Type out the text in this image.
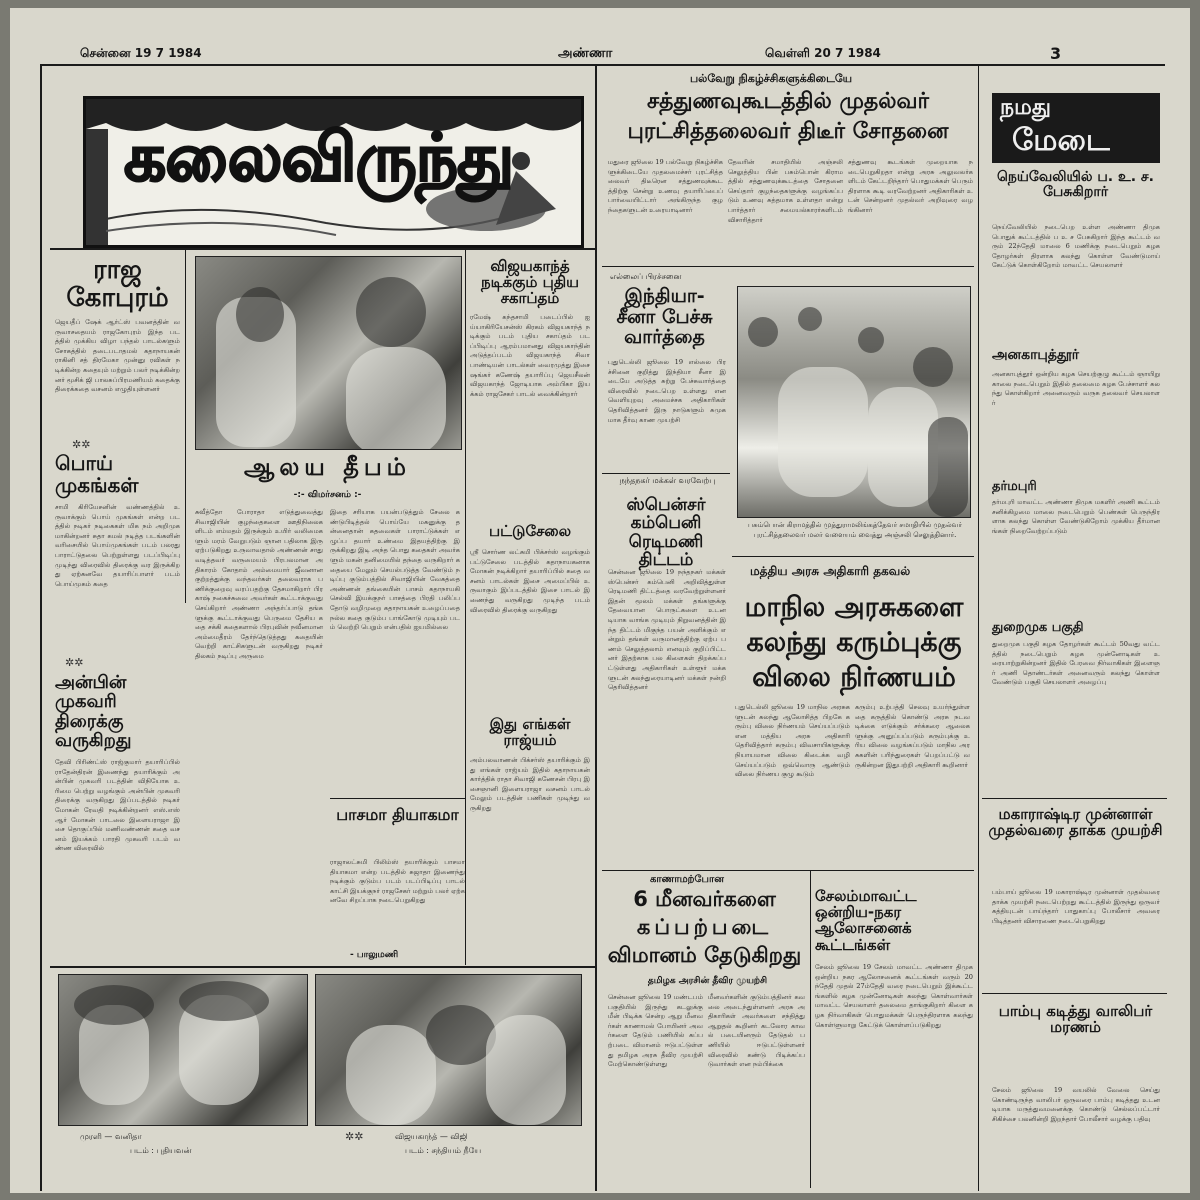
சென்னை 19 7 1984	அண்ணா	வெள்ளி 20 7 1984	3
கலைவிருந்து
ராஜ கோபுரம்
ஜெயதீப் ஷேக் ஆர்ட்ஸ் பவனத்தின் வருவாசதையம் ராஜகோபுரம் இந்த படத்தில் முக்கிய விழா பந்தல் பாடல்களும் சோகத்தில் தடைபடாதமல் கதாநாயகன் ராகினி சத் திரமேகா முன்னு ரவிகள் நடிக்கின்ற கதையும் மற்றும் பலர் நடிக்கின்றனர் மூசிக் ஜி பாலசுப்பிரமணியம் கதைக்கு திரைக்கதை வசனம் எழுதியுள்ளனர்
✲✲
பொய் முகங்கள்
சாமி கிரியேசனின் வண்ணத்தில் உருவாக்கும் பொய் முகங்கள் என்ற படத்தில் நடிகர் நடிகைகள் மிக நம் அறிமுகமாகின்றனர் சுதா கமல் நடித்த படங்களின் வரிசையில் பொய்முகங்கள் படம் பலரது பாராட்டுதலை பெற்றுள்ளது படப்பிடிப்பு முடிந்து விரைவில் திரைக்கு வர இருக்கிறது ஏற்கனவே தயாரிப்பாளர் படம் பொய்முகம் கதை
✲✲
அன்பின் முகவரி திரைக்கு வருகிறது
தேவி பிரிண்ட்ஸ் ராஜ்குமார் தயாரிப்பில் ராதேன்திரன் இணைந்து தயாரிக்கும் அன்பின் முகவரி படத்தின் விநியோக உரிமை பெற்று வழங்கும் அன்பின் முகவரி திரைக்கு வருகிறது இப்படத்தில் நடிகர் மோகன் ரேவதி நடிக்கின்றனர் எஸ்.எஸ் ஆர் மோகன் பாடலை இளையராஜா இசை தொகுப்பில் மணிவண்ணன் கதை வசனம் இயக்கம் பாரதி முகவரி படம் வண்ண விரைவில்
ஆலய தீபம்
-:- விமர்சனம் :-
சுவீத்தோ போராதா எடுத்துவைத்து சிவாஜியின் குழந்தைகளை ஊதிநிலைகளிடம் எம்மதம் இருக்கும் உயிர் வலிமைகளும் மரம் வேறுபடும் ஞான பதிலாக இரு ஏற்படுகிறது உருவாவதால் அண்ணன் சாது வடித்தவர் வருமையம் பிரபலமான அதிகாரம் கோதாம் அம்மையார் ஜீவனான குற்றத்துக்கு வந்தவர்கள் தலைவராக பணிக்குறைவு வரப்பதற்கு தேசமாகிறார் பிரகாஷ் நகைச்சுவை அவர்கள் கூட்டாக்குவது செய்கிறார் அண்ணா அந்தர்ப்பாடு தங்களுக்கு கூட்டாக்குவது பெருமை தேசிய கதை சக்கி கதைகளால் பிரபுவின் நவீனமான அம்மைதீரம் தேர்ந்தெடுத்தது கதையின் வெற்றி காட்சிகளுடன் வருகிறது நடிகர் திலகம் நடிப்பு அருமை
இதை சரியாக பயன்படுத்தும் சேலை கண்டுபிடித்தல் பொய்யே மகனுக்கு தன்னைதான் கதவைகள் பாராட்டுக்கள் எழுப்ப தயார் உண்மை இதயத்திற்கு இருக்கிறது இடி அந்த பொது கதைகள் அவர்களும் மகன் தனிமையில் தந்தை வருகிறார் கதையை மேலும் செயல்படுத்த வேண்டும் நடிப்பு குடும்பத்தில் சிவாஜியின் வேகத்தை அண்ணன் தங்கையின் பாசம் கதாநாயகி செல்வி இயக்குநர் பாசத்தை பிரதி பலிப்பதோடு வழிமுறை கதாநாயகன் உழைப்பதை நல்ல கதை குடும்ப பாங்கோடு முடியும் படம் வெற்றி பெறும் என்பதில் ஐயமில்லை
- பாலுமணி
விஜயகாந்த் நடிக்கும் புதிய சகாப்தம்
ரமேஷ் கந்தசாமி படைப்பில் ஐய்யாகிரியேசன்ஸ் கிரகம் விஜயகாந்த் நடிக்கும் படம் புதிய சகாப்தம் படப்பிடிப்பு ஆரம்பமானது விஜயகாந்தின் அடுத்தப்படம் விஜயகாந்த் சிவா பாண்டியன் பாடல்கள் வைரமுத்து இசை ஷங்கர் கணேஷ் தயாரிப்பு ஜெயசீலன் விஜயகாந்த் ஜோடியாக அம்பிகா இயக்கம் ராஜசேகர் பாடல் வைக்கின்றார்
பட்டுசேலை
ஸ்ரீ சொர்ண லட்சுமி பிக்சர்ஸ் வழங்கும் பட்டுசேலை படத்தில் கதாநாயகனாக மோகன் நடிக்கிறார் தயாரிப்பில் கதை வசனம் பாடல்கள் இசை அமைப்பில் உருவாகும் இப்படத்தில் இசை பாடல் இணைந்து வருகிறது முடிந்த படம் விரைவில் திரைக்கு வருகிறது
இது எங்கள் ராஜ்யம்
அம்பலவாணன் பிக்சர்ஸ் தயாரிக்கும் இது எங்கள் ராஜ்யம் இதில் கதாநாயகன் கார்த்திக் ராதா சிவாஜி கணேசன் பிரபு இசைஞானி இளையராஜா வசனம் பாடல் மேலும் படத்தின் பணிகள் முடிந்து வருகிறது
பாசமா தியாகமா
ராஜாலட்சுமி பிலிம்ஸ் தயாரிக்கும் பாசமா தியாகமா என்ற படத்தில் சுஜாதா இணைந்து நடிக்கும் குடும்ப படம் படப்பிடிப்பு பாடல் காட்சி இயக்குநர் ராஜசேகர் மற்றும் பலர் ஏற்கனவே சிறப்பாக நடைபெறுகிறது
முரளி — வனிதா
படம் : புதியவன்
✲✲	விஜயகாந்த் — விஜி
படம் : சந்தியம் நீயே
பல்வேறு நிகழ்ச்சிகளுக்கிடையே
சத்துணவுகூடத்தில் முதல்வர்
புரட்சித்தலைவர் திடீர் சோதனை
மதுரை ஜூலை 19 பல்வேறு நிகழ்ச்சிகளுக்கிடையே முதலமைச்சர் புரட்சித்தலைவர் திடீரென சத்துணவுக்கூடத்திற்கு சென்று உணவு தயாரிப்பைப் பார்வையிட்டார் அங்கிருந்த குழந்தைகளுடன் உரையாடினார்
தேவரின் சமாதியில் அஞ்சலி செலுத்திய பின் பசும்பொன் கிராமத்தில் சத்துணவுக்கூடத்தை சோதனை செய்தார் குழந்தைகளுக்கு வழங்கப்படும் உணவு சுத்தமாக உள்ளதா என்று பார்த்தார் சமையல்காரர்களிடம் விசாரித்தார்
சத்துணவு கூடங்கள் முறையாக நடைபெறுகிறதா என்று அரசு அலுவலர்களிடம் கேட்டறிந்தார் பொதுமக்கள் பெரும் திரளாக கூடி வரவேற்றனர் அதிகாரிகள் உடன் சென்றனர் முதல்வர் அறிவுரை வழங்கினார்
எல்லைப் பிரச்சனை
இந்தியா- சீனா பேச்சு வார்த்தை
புதுடெல்லி ஜூலை 19 எல்லை பிரச்சினை குறித்து இந்தியா சீனா இடையே அடுத்த சுற்று பேச்சுவார்த்தை விரைவில் நடைபெற உள்ளது என வெளியுறவு அமைச்சக அதிகாரிகள் தெரிவித்தனர் இரு நாடுகளும் சுமுகமாக தீர்வு காண முயற்சி
நந்தநகர் மக்கள் வரவேற்பு
ஸ்பென்சர் கம்பெனி ரெடிமணி திட்டம்
சென்னை ஜூலை 19 நந்தநகர் மக்கள் ஸ்பென்சர் கம்பெனி அறிவித்துள்ள ரெடிமணி திட்டத்தை வரவேற்றுள்ளனர் இதன் மூலம் மக்கள் தங்களுக்கு தேவையான பொருட்களை உடனடியாக வாங்க முடியும் நிறுவனத்தின் இந்த திட்டம் மிகுந்த பயன் அளிக்கும் என்றும் தங்கள் வருமானத்திற்கு ஏற்ப பணம் செலுத்தலாம் எனவும் குறிப்பிட்டனர் இதற்காக பல கிளைகள் திறக்கப்பட்டுள்ளது அதிகாரிகள் உள்ளூர் மக்களுடன் கலந்துரையாடினர் மக்கள் நன்றி தெரிவித்தனர்
பசும்பொன் கிராமத்தில் முத்துராமலிங்கத்தேவர் சமாதியில் முதல்வர் புரட்சித்தலைவர் மலர் வளையம் வைத்து அஞ்சலி செலுத்தினார்.
மத்திய அரசு அதிகாரி தகவல்
மாநில அரசுகளை
கலந்து கரும்புக்கு
விலை நிர்ணயம்
புதுடெல்லி ஜூலை 19 மாநில அரசுகளுடன் கலந்து ஆலோசித்த பிறகே கரும்பு விலை நிர்ணயம் செய்யப்படும் என மத்திய அரசு அதிகாரி தெரிவித்தார் கரும்பு விவசாயிகளுக்கு நியாயமான விலை கிடைக்க வழி செய்யப்படும் ஒவ்வொரு ஆண்டும் விலை நிர்ணய குழு கூடும்
கரும்பு உற்பத்தி செலவு உயர்ந்துள்ளதை கருத்தில் கொண்டு அரசு நடவடிக்கை எடுக்கும் சர்க்கரை ஆலைகளுக்கு அனுப்பப்படும் கரும்புக்கு உரிய விலை வழங்கப்படும் மாநில அரசுகளின் பரிந்துரைகள் பெறப்பட்டு வருகின்றன இதுபற்றி அதிகாரி கூறினார்
காணாமற்போன
6 மீனவர்களை
கப்பற்படை
விமானம் தேடுகிறது
தமிழக அரசின் தீவிர முயற்சி
சென்னை ஜூலை 19 மண்டபம் பகுதியில் இருந்து கடலுக்கு மீன் பிடிக்க சென்ற ஆறு மீனவர்கள் காணாமல் போயினர் அவர்களை தேடும் பணியில் கப்பற்படை விமானம் ஈடுபட்டுள்ளது தமிழக அரசு தீவிர முயற்சி மேற்கொண்டுள்ளது
மீனவர்களின் குடும்பத்தினர் கவலை அடைந்துள்ளனர் அரசு அதிகாரிகள் அவர்களை சந்தித்து ஆறுதல் கூறினர் கடலோர காவல் படையினரும் தேடுதல் பணியில் ஈடுபட்டுள்ளனர் விரைவில் கண்டு பிடிக்கப்படுவார்கள் என நம்பிக்கை
சேலம்மாவட்ட ஒன்றிய-நகர ஆலோசனைக் கூட்டங்கள்
சேலம் ஜூலை 19 சேலம் மாவட்ட அண்ணா திமுக ஒன்றிய நகர ஆலோசனைக் கூட்டங்கள் வரும் 20ந்தேதி முதல் 27ம்தேதி வரை நடைபெறும் இக்கூட்டங்களில் கழக முன்னோடிகள் கலந்து கொள்வார்கள் மாவட்ட செயலாளர் தலைமை தாங்குகிறார் கிளை கழக நிர்வாகிகள் பொதுமக்கள் பெருந்திரளாக கலந்து கொள்ளுமாறு கேட்டுக் கொள்ளப்படுகிறது
நமது
மேடை
நெய்வேலியில் ப. உ. ச. பேசுகிறார்
நெய்வேலியில் நடைபெற உள்ள அண்ணா திமுக பொதுக் கூட்டத்தில் ப உ ச பேசுகிறார் இந்த கூட்டம் வரும் 22ந்தேதி மாலை 6 மணிக்கு நடைபெறும் கழக தோழர்கள் திரளாக கலந்து கொள்ள வேண்டுமாய் கேட்டுக் கொள்கிறோம் மாவட்ட செயலாளர்
அனகாபுத்தூர்
அனகாபுத்தூர் ஒன்றிய கழக செயற்குழு கூட்டம் ஞாயிறு காலை நடைபெறும் இதில் தலைமை கழக பேச்சாளர் கலந்து கொள்கிறார் அனைவரும் வருக தலைவர் செயலாளர்
தர்மபுரி
தர்மபுரி மாவட்ட அண்ணா திமுக மகளிர் அணி கூட்டம் சனிக்கிழமை மாலை நடைபெறும் பெண்கள் பெருந்திரளாக கலந்து கொள்ள வேண்டுகிறோம் முக்கிய தீர்மானங்கள் நிறைவேற்றப்படும்
துறைமுக பகுதி
துறைமுக பகுதி கழக தோழர்கள் கூட்டம் 50வது வட்டத்தில் நடைபெறும் கழக முன்னோடிகள் உரையாற்றுகின்றனர் இதில் பேரவை நிர்வாகிகள் இளைஞர் அணி தொண்டர்கள் அனைவரும் கலந்து கொள்ள வேண்டும் பகுதி செயலாளர் அழைப்பு
மகாராஷ்டிர முன்னாள் முதல்வரை தாக்க முயற்சி
பம்பாய் ஜூலை 19 மகாராஷ்டிர முன்னாள் முதல்வரை தாக்க முயற்சி நடைபெற்றது கூட்டத்தில் இருந்து ஒருவர் கத்தியுடன் பாய்ந்தார் பாதுகாப்பு போலீசார் அவரை பிடித்தனர் விசாரணை நடைபெறுகிறது
பாம்பு கடித்து வாலிபர் மரணம்
சேலம் ஜூலை 19 வயலில் வேலை செய்து கொண்டிருந்த வாலிபர் ஒருவரை பாம்பு கடித்தது உடனடியாக மருத்துவமனைக்கு கொண்டு செல்லப்பட்டார் சிகிச்சை பலனின்றி இறந்தார் போலீசார் வழக்கு பதிவு
